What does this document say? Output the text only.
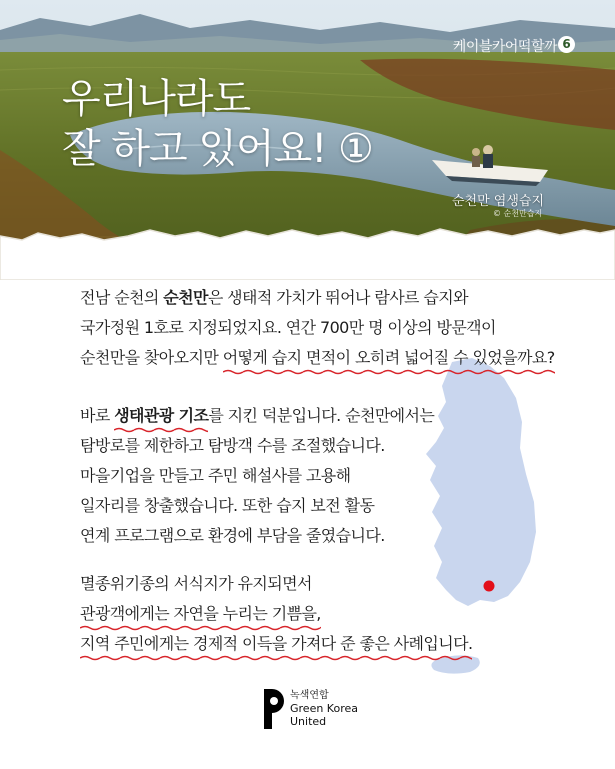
케이블카어떡할까 6
우리나라도
잘 하고 있어요! ①
순천만 염생습지
© 순천만습지
전남 순천의 순천만은 생태적 가치가 뛰어나 람사르 습지와
국가정원 1호로 지정되었지요. 연간 700만 명 이상의 방문객이
순천만을 찾아오지만 어떻게 습지 면적이 오히려 넓어질 수 있었을까요?
바로 생태관광 기조를 지킨 덕분입니다. 순천만에서는
탐방로를 제한하고 탐방객 수를 조절했습니다.
마을기업을 만들고 주민 해설사를 고용해
일자리를 창출했습니다. 또한 습지 보전 활동
연계 프로그램으로 환경에 부담을 줄였습니다.
멸종위기종의 서식지가 유지되면서
관광객에게는 자연을 누리는 기쁨을,
지역 주민에게는 경제적 이득을 가져다 준 좋은 사례입니다.
녹색연합
Green Korea
United
